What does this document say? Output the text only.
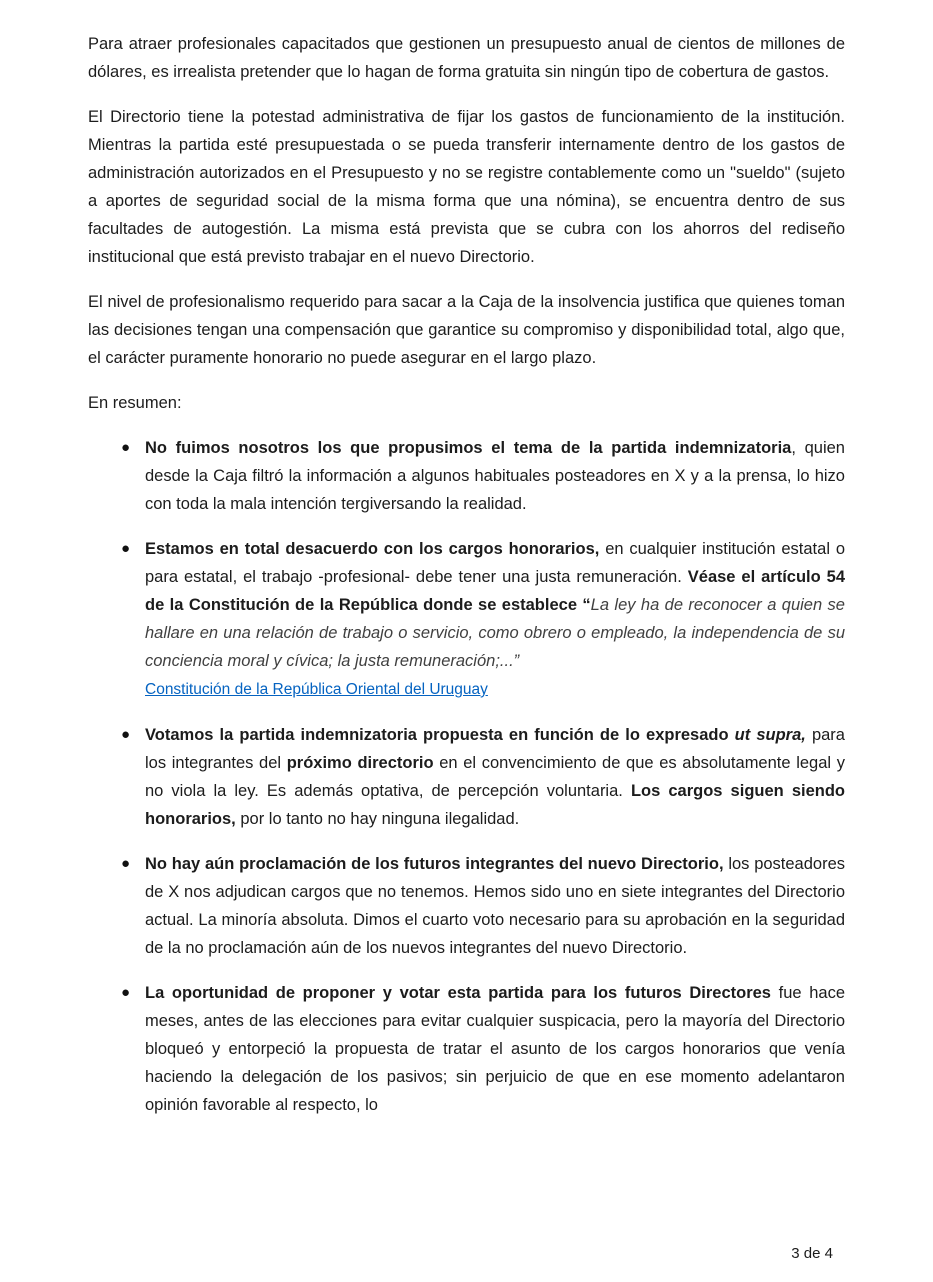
Para atraer profesionales capacitados que gestionen un presupuesto anual de cientos de millones de dólares, es irrealista pretender que lo hagan de forma gratuita sin ningún tipo de cobertura de gastos.
El Directorio tiene la potestad administrativa de fijar los gastos de funcionamiento de la institución. Mientras la partida esté presupuestada o se pueda transferir internamente dentro de los gastos de administración autorizados en el Presupuesto y no se registre contablemente como un "sueldo" (sujeto a aportes de seguridad social de la misma forma que una nómina), se encuentra dentro de sus facultades de autogestión. La misma está prevista que se cubra con los ahorros del rediseño institucional que está previsto trabajar en el nuevo Directorio.
El nivel de profesionalismo requerido para sacar a la Caja de la insolvencia justifica que quienes toman las decisiones tengan una compensación que garantice su compromiso y disponibilidad total, algo que, el carácter puramente honorario no puede asegurar en el largo plazo.
En resumen:
● No fuimos nosotros los que propusimos el tema de la partida indemnizatoria, quien desde la Caja filtró la información a algunos habituales posteadores en X y a la prensa, lo hizo con toda la mala intención tergiversando la realidad.
● Estamos en total desacuerdo con los cargos honorarios, en cualquier institución estatal o para estatal, el trabajo -profesional- debe tener una justa remuneración. Véase el artículo 54 de la Constitución de la República donde se establece “La ley ha de reconocer a quien se hallare en una relación de trabajo o servicio, como obrero o empleado, la independencia de su conciencia moral y cívica; la justa remuneración;...”
Constitución de la República Oriental del Uruguay
● Votamos la partida indemnizatoria propuesta en función de lo expresado ut supra, para los integrantes del próximo directorio en el convencimiento de que es absolutamente legal y no viola la ley. Es además optativa, de percepción voluntaria. Los cargos siguen siendo honorarios, por lo tanto no hay ninguna ilegalidad.
● No hay aún proclamación de los futuros integrantes del nuevo Directorio, los posteadores de X nos adjudican cargos que no tenemos. Hemos sido uno en siete integrantes del Directorio actual. La minoría absoluta. Dimos el cuarto voto necesario para su aprobación en la seguridad de la no proclamación aún de los nuevos integrantes del nuevo Directorio.
● La oportunidad de proponer y votar esta partida para los futuros Directores fue hace meses, antes de las elecciones para evitar cualquier suspicacia, pero la mayoría del Directorio bloqueó y entorpeció la propuesta de tratar el asunto de los cargos honorarios que venía haciendo la delegación de los pasivos; sin perjuicio de que en ese momento adelantaron opinión favorable al respecto, lo
3 de 4
